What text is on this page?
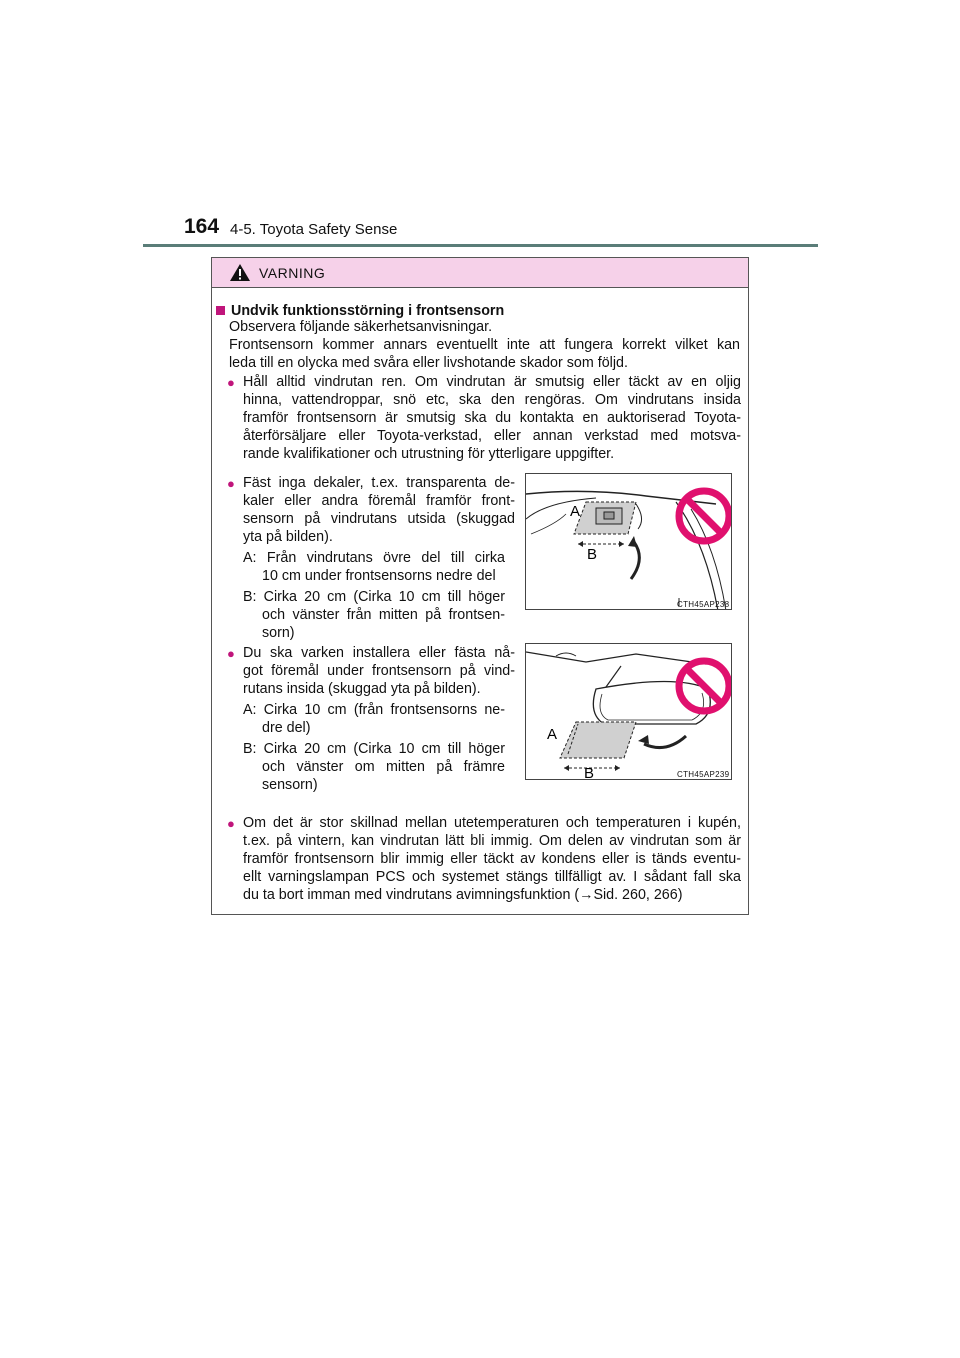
164 4-5. Toyota Safety Sense
VARNING
Undvik funktionsstörning i frontsensorn
Observera följande säkerhetsanvisningar.
Frontsensorn kommer annars eventuellt inte att fungera korrekt vilket kan
leda till en olycka med svåra eller livshotande skador som följd.
● Håll alltid vindrutan ren. Om vindrutan är smutsig eller täckt av en oljig
hinna, vattendroppar, snö etc, ska den rengöras. Om vindrutans insida
framför frontsensorn är smutsig ska du kontakta en auktoriserad Toyota-
återförsäljare eller Toyota-verkstad, eller annan verkstad med motsva-
rande kvalifikationer och utrustning för ytterligare uppgifter.
● Fäst inga dekaler, t.ex. transparenta de-
kaler eller andra föremål framför front-
sensorn på vindrutans utsida (skuggad
yta på bilden).
A: Från vindrutans övre del till cirka
10 cm under frontsensorns nedre del
B: Cirka 20 cm (Cirka 10 cm till höger
och vänster från mitten på frontsen-
sorn)
A
B
CTH45AP238
● Du ska varken installera eller fästa nå-
got föremål under frontsensorn på vind-
rutans insida (skuggad yta på bilden).
A: Cirka 10 cm (från frontsensorns ne-
dre del)
B: Cirka 20 cm (Cirka 10 cm till höger
och vänster om mitten på främre
sensorn)
A
B	CTH45AP239
● Om det är stor skillnad mellan utetemperaturen och temperaturen i kupén,
t.ex. på vintern, kan vindrutan lätt bli immig. Om delen av vindrutan som är
framför frontsensorn blir immig eller täckt av kondens eller is tänds eventu-
ellt varningslampan PCS och systemet stängs tillfälligt av. I sådant fall ska
du ta bort imman med vindrutans avimningsfunktion (→Sid. 260, 266)
